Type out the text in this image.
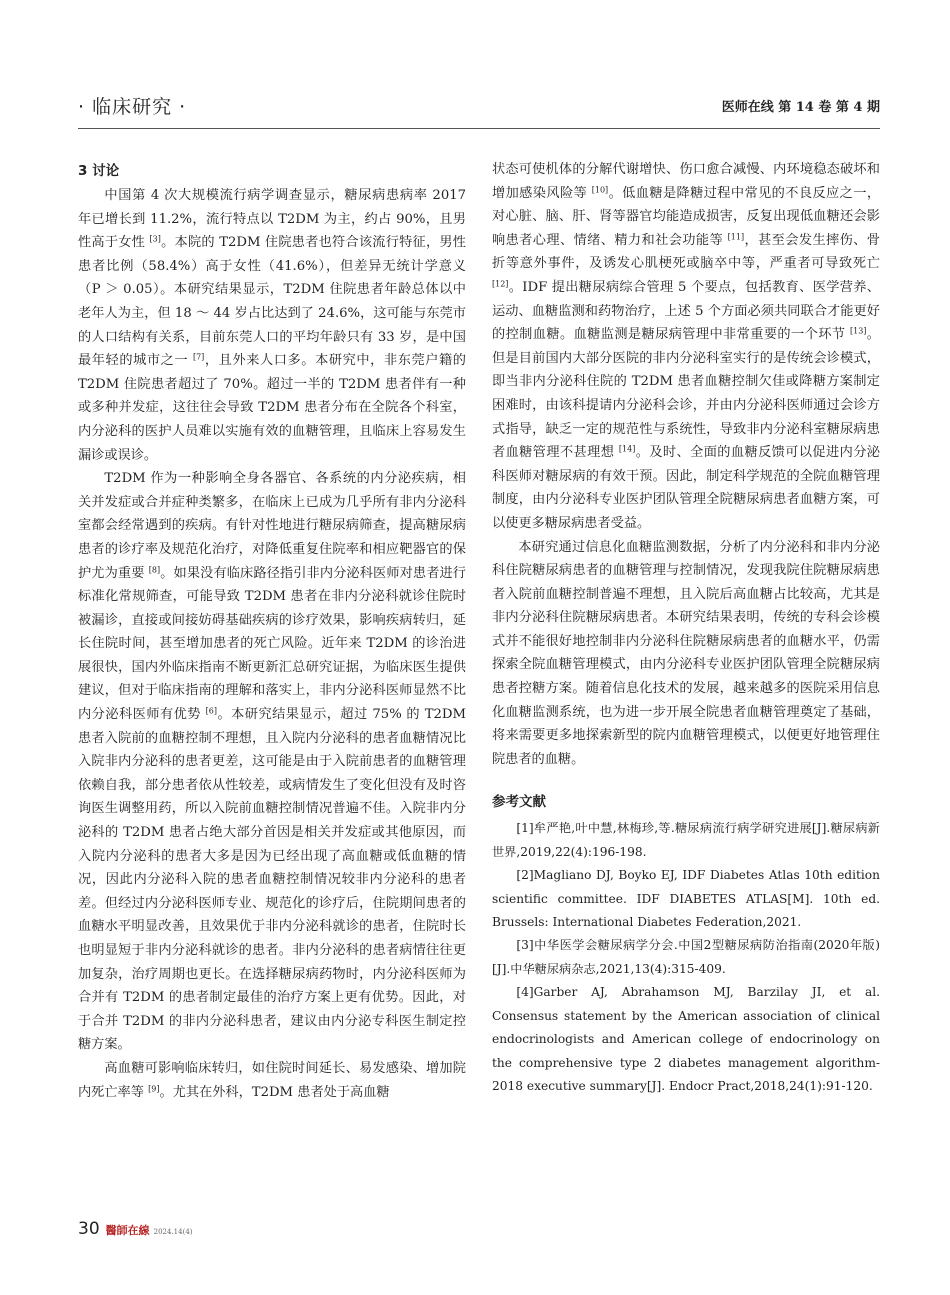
· 临床研究 ·	医师在线 第 14 卷 第 4 期
3 讨论

中国第 4 次大规模流行病学调查显示，糖尿病患病率 2017 年已增长到 11.2%，流行特点以 T2DM 为主，约占 90%，且男性高于女性 [3]。本院的 T2DM 住院患者也符合该流行特征，男性患者比例（58.4%）高于女性（41.6%），但差异无统计学意义（P ＞ 0.05）。本研究结果显示，T2DM 住院患者年龄总体以中老年人为主，但 18 ～ 44 岁占比达到了 24.6%，这可能与东莞市的人口结构有关系，目前东莞人口的平均年龄只有 33 岁，是中国最年轻的城市之一 [7]，且外来人口多。本研究中，非东莞户籍的 T2DM 住院患者超过了 70%。超过一半的 T2DM 患者伴有一种或多种并发症，这往往会导致 T2DM 患者分布在全院各个科室，内分泌科的医护人员难以实施有效的血糖管理，且临床上容易发生漏诊或误诊。

T2DM 作为一种影响全身各器官、各系统的内分泌疾病，相关并发症或合并症种类繁多，在临床上已成为几乎所有非内分泌科室都会经常遇到的疾病。有针对性地进行糖尿病筛查，提高糖尿病患者的诊疗率及规范化治疗，对降低重复住院率和相应靶器官的保护尤为重要 [8]。如果没有临床路径指引非内分泌科医师对患者进行标准化常规筛查，可能导致 T2DM 患者在非内分泌科就诊住院时被漏诊，直接或间接妨碍基础疾病的诊疗效果，影响疾病转归，延长住院时间，甚至增加患者的死亡风险。近年来 T2DM 的诊治进展很快，国内外临床指南不断更新汇总研究证据，为临床医生提供建议，但对于临床指南的理解和落实上，非内分泌科医师显然不比内分泌科医师有优势 [6]。本研究结果显示，超过 75% 的 T2DM 患者入院前的血糖控制不理想，且入院内分泌科的患者血糖情况比入院非内分泌科的患者更差，这可能是由于入院前患者的血糖管理依赖自我，部分患者依从性较差，或病情发生了变化但没有及时咨询医生调整用药，所以入院前血糖控制情况普遍不佳。入院非内分泌科的 T2DM 患者占绝大部分首因是相关并发症或其他原因，而入院内分泌科的患者大多是因为已经出现了高血糖或低血糖的情况，因此内分泌科入院的患者血糖控制情况较非内分泌科的患者差。但经过内分泌科医师专业、规范化的诊疗后，住院期间患者的血糖水平明显改善，且效果优于非内分泌科就诊的患者，住院时长也明显短于非内分泌科就诊的患者。非内分泌科的患者病情往往更加复杂，治疗周期也更长。在选择糖尿病药物时，内分泌科医师为合并有 T2DM 的患者制定最佳的治疗方案上更有优势。因此，对于合并 T2DM 的非内分泌科患者，建议由内分泌专科医生制定控糖方案。

高血糖可影响临床转归，如住院时间延长、易发感染、增加院内死亡率等 [9]。尤其在外科，T2DM 患者处于高血糖

状态可使机体的分解代谢增快、伤口愈合减慢、内环境稳态破坏和增加感染风险等 [10]。低血糖是降糖过程中常见的不良反应之一，对心脏、脑、肝、肾等器官均能造成损害，反复出现低血糖还会影响患者心理、情绪、精力和社会功能等 [11]，甚至会发生摔伤、骨折等意外事件，及诱发心肌梗死或脑卒中等，严重者可导致死亡 [12]。IDF 提出糖尿病综合管理 5 个要点，包括教育、医学营养、运动、血糖监测和药物治疗，上述 5 个方面必须共同联合才能更好的控制血糖。血糖监测是糖尿病管理中非常重要的一个环节 [13]。但是目前国内大部分医院的非内分泌科室实行的是传统会诊模式，即当非内分泌科住院的 T2DM 患者血糖控制欠佳或降糖方案制定困难时，由该科提请内分泌科会诊，并由内分泌科医师通过会诊方式指导，缺乏一定的规范性与系统性，导致非内分泌科室糖尿病患者血糖管理不甚理想 [14]。及时、全面的血糖反馈可以促进内分泌科医师对糖尿病的有效干预。因此，制定科学规范的全院血糖管理制度，由内分泌科专业医护团队管理全院糖尿病患者血糖方案，可以使更多糖尿病患者受益。

本研究通过信息化血糖监测数据，分析了内分泌科和非内分泌科住院糖尿病患者的血糖管理与控制情况，发现我院住院糖尿病患者入院前血糖控制普遍不理想，且入院后高血糖占比较高，尤其是非内分泌科住院糖尿病患者。本研究结果表明，传统的专科会诊模式并不能很好地控制非内分泌科住院糖尿病患者的血糖水平，仍需探索全院血糖管理模式，由内分泌科专业医护团队管理全院糖尿病患者控糖方案。随着信息化技术的发展，越来越多的医院采用信息化血糖监测系统，也为进一步开展全院患者血糖管理奠定了基础，将来需要更多地探索新型的院内血糖管理模式，以便更好地管理住院患者的血糖。

参考文献

[1]牟严艳,叶中慧,林梅珍,等.糖尿病流行病学研究进展[J].糖尿病新世界,2019,22(4):196-198.

[2]Magliano DJ, Boyko EJ, IDF Diabetes Atlas 10th edition scientific committee. IDF DIABETES ATLAS[M]. 10th ed. Brussels: International Diabetes Federation,2021.

[3]中华医学会糖尿病学分会.中国2型糖尿病防治指南(2020年版)[J].中华糖尿病杂志,2021,13(4):315-409.

[4]Garber AJ, Abrahamson MJ, Barzilay JI, et al. Consensus statement by the American association of clinical endocrinologists and American college of endocrinology on the comprehensive type 2 diabetes management algorithm-2018 executive summary[J]. Endocr Pract,2018,24(1):91-120.

30 醫師在線 2024.14(4)
